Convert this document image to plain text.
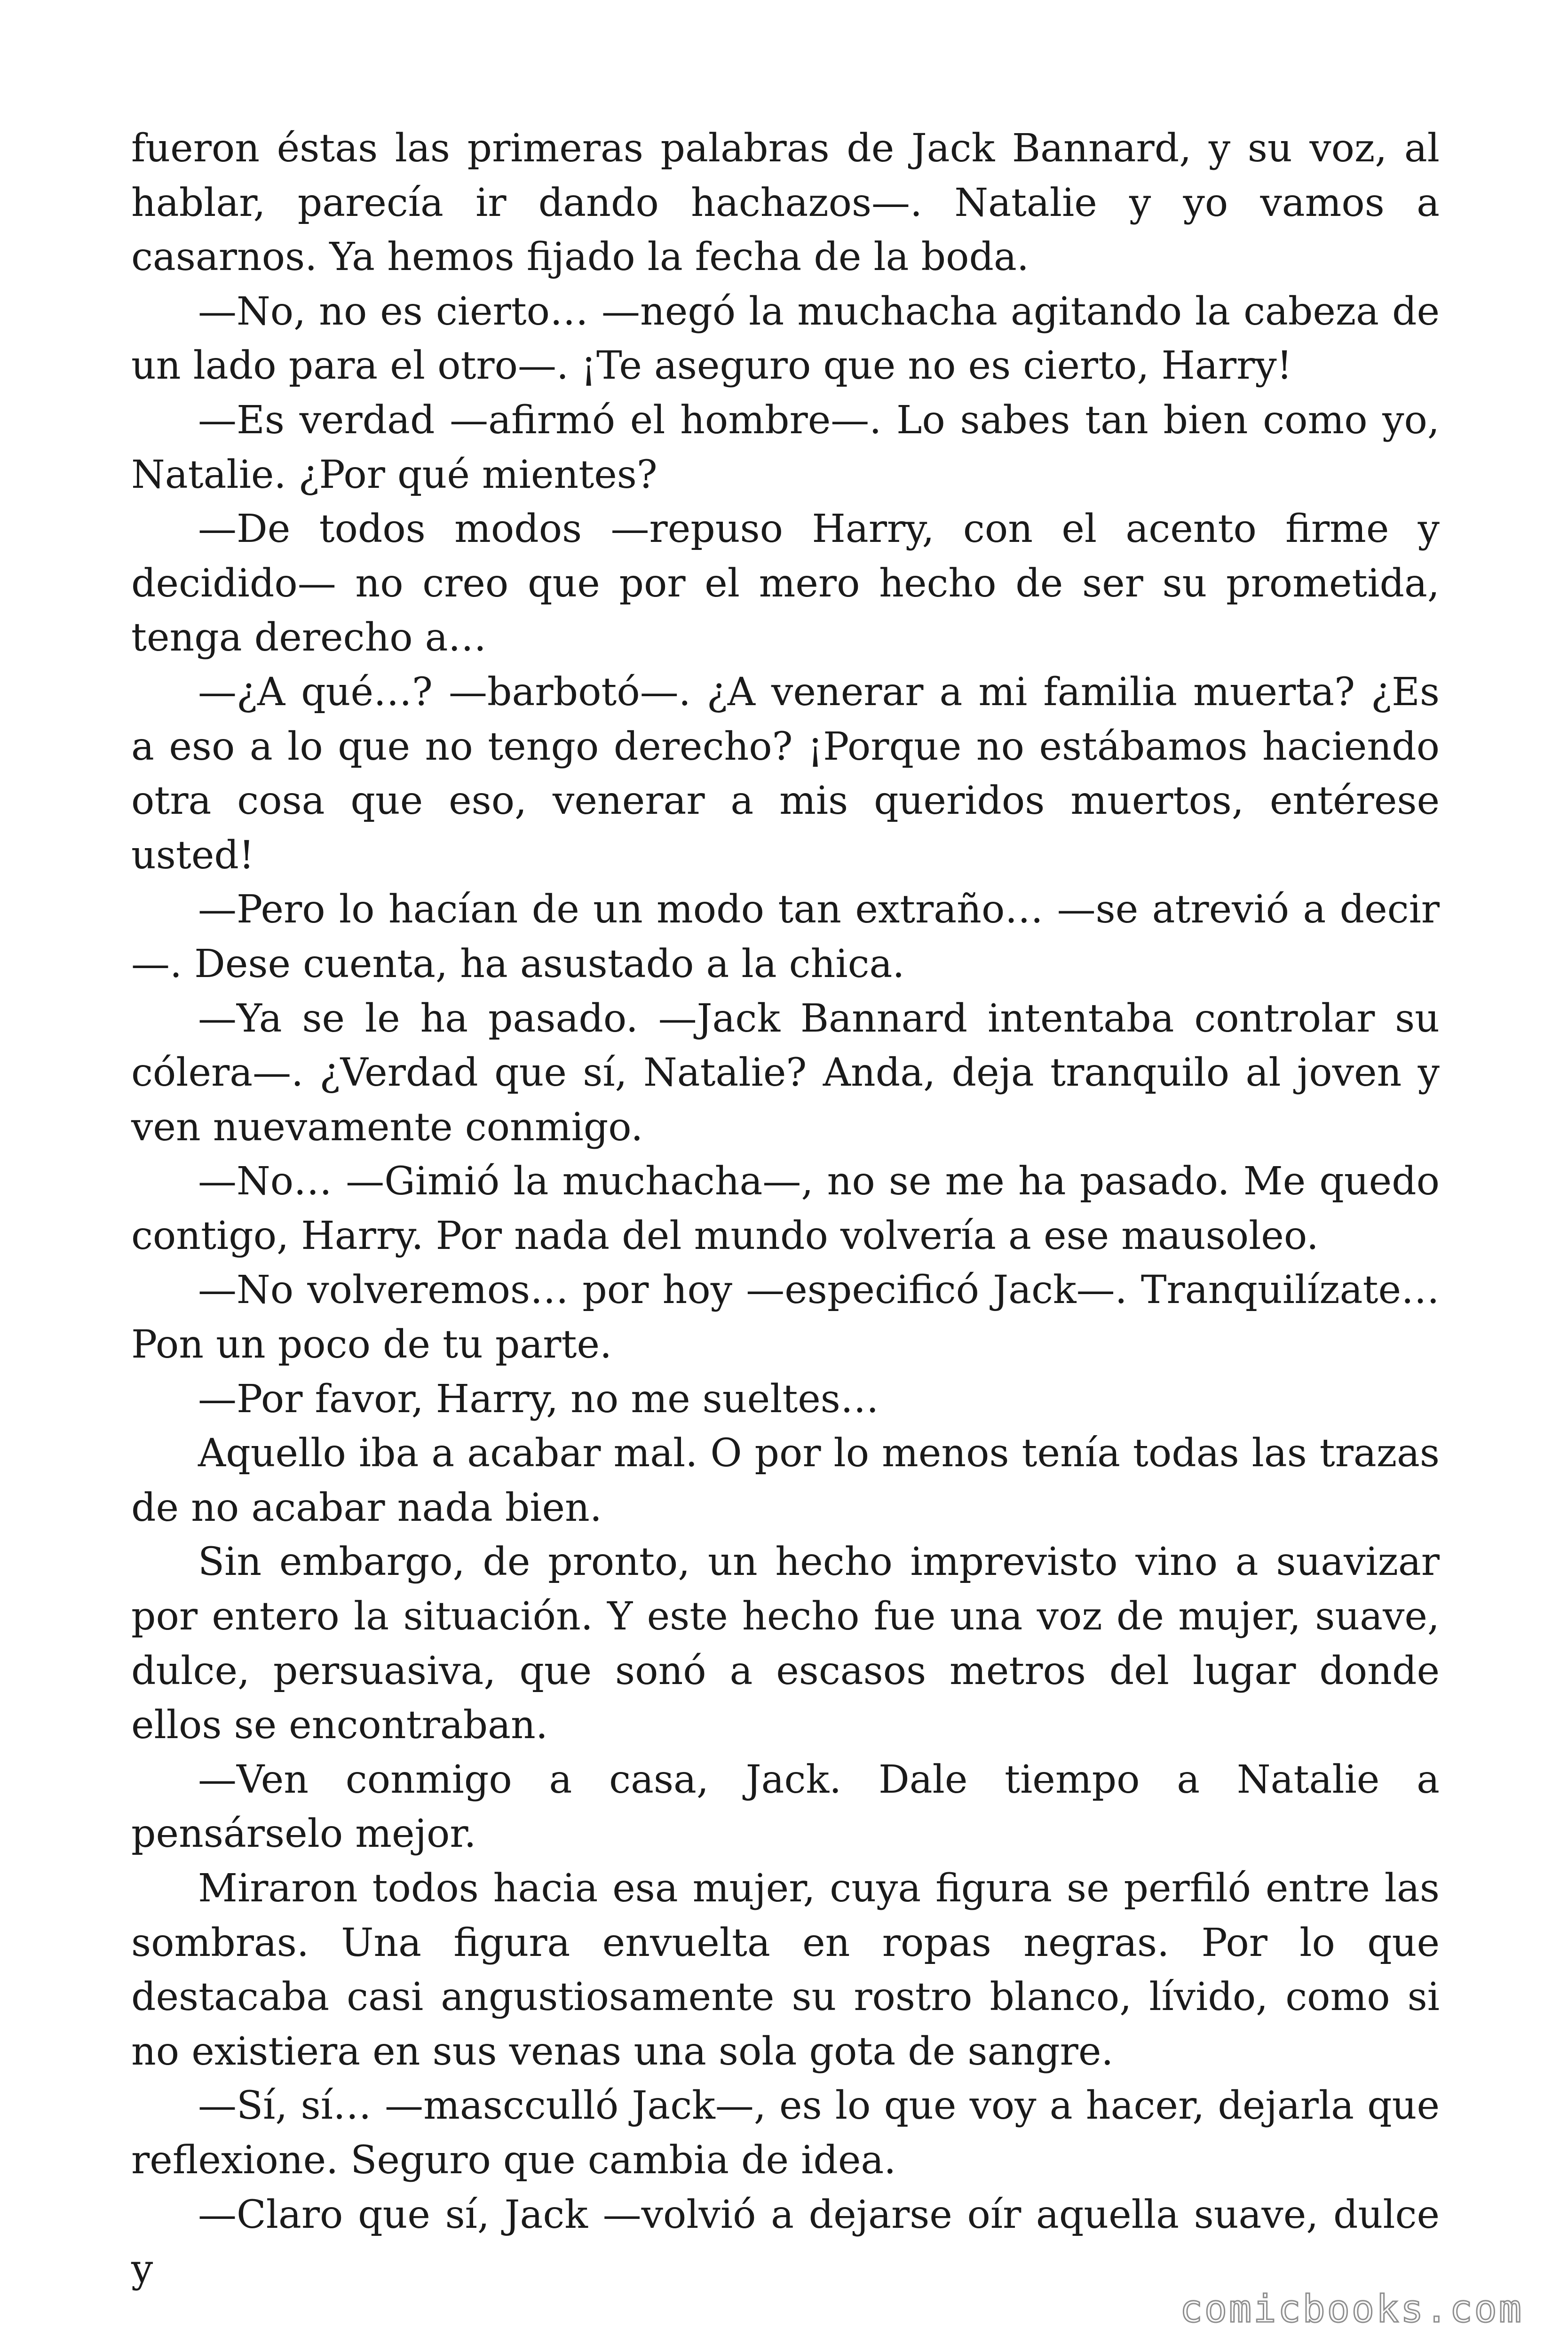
fueron éstas las primeras palabras de Jack Bannard, y su voz, al hablar, parecía ir dando hachazos—. Natalie y yo vamos a casarnos. Ya hemos fijado la fecha de la boda.

—No, no es cierto… —negó la muchacha agitando la cabeza de un lado para el otro—. ¡Te aseguro que no es cierto, Harry!

—Es verdad —afirmó el hombre—. Lo sabes tan bien como yo, Natalie. ¿Por qué mientes?

—De todos modos —repuso Harry, con el acento firme y decidido— no creo que por el mero hecho de ser su prometida, tenga derecho a…

—¿A qué…? —barbotó—. ¿A venerar a mi familia muerta? ¿Es a eso a lo que no tengo derecho? ¡Porque no estábamos haciendo otra cosa que eso, venerar a mis queridos muertos, entérese usted!

—Pero lo hacían de un modo tan extraño… —se atrevió a decir —. Dese cuenta, ha asustado a la chica.

—Ya se le ha pasado. —Jack Bannard intentaba controlar su cólera—. ¿Verdad que sí, Natalie? Anda, deja tranquilo al joven y ven nuevamente conmigo.

—No… —Gimió la muchacha—, no se me ha pasado. Me quedo contigo, Harry. Por nada del mundo volvería a ese mausoleo.

—No volveremos… por hoy —especificó Jack—. Tranquilízate… Pon un poco de tu parte.

—Por favor, Harry, no me sueltes…

Aquello iba a acabar mal. O por lo menos tenía todas las trazas de no acabar nada bien.

Sin embargo, de pronto, un hecho imprevisto vino a suavizar por entero la situación. Y este hecho fue una voz de mujer, suave, dulce, persuasiva, que sonó a escasos metros del lugar donde ellos se encontraban.

—Ven conmigo a casa, Jack. Dale tiempo a Natalie a pensárselo mejor.

Miraron todos hacia esa mujer, cuya figura se perfiló entre las sombras. Una figura envuelta en ropas negras. Por lo que destacaba casi angustiosamente su rostro blanco, lívido, como si no existiera en sus venas una sola gota de sangre.

—Sí, sí… —mascculló Jack—, es lo que voy a hacer, dejarla que reflexione. Seguro que cambia de idea.

—Claro que sí, Jack —volvió a dejarse oír aquella suave, dulce y

comicbooks.com
